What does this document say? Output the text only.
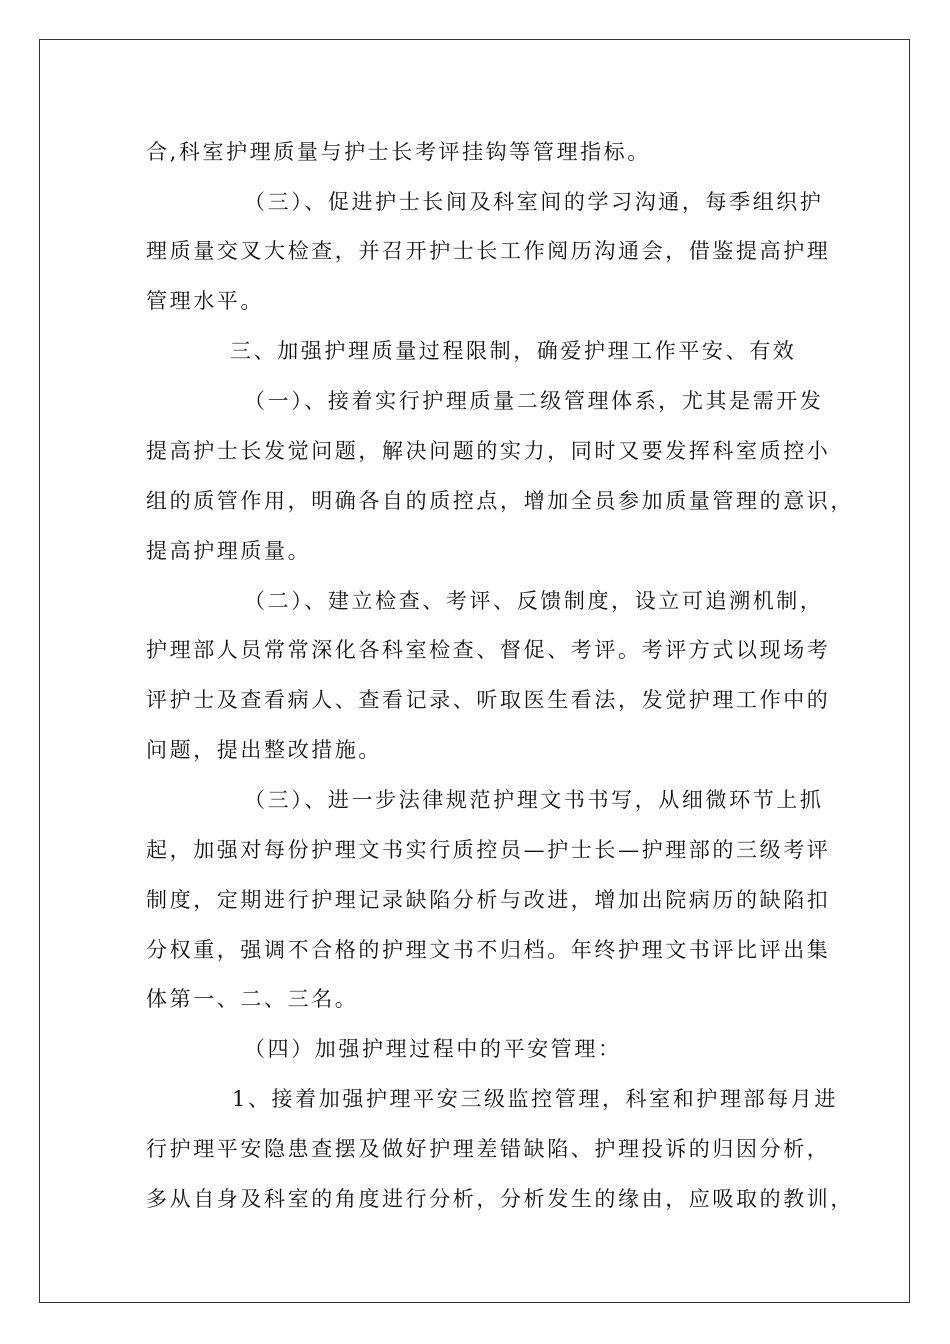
合,科室护理质量与护士长考评挂钩等管理指标。
（三）、促进护士长间及科室间的学习沟通，每季组织护
理质量交叉大检查，并召开护士长工作阅历沟通会，借鉴提高护理
管理水平。
三、加强护理质量过程限制，确爱护理工作平安、有效
（一）、接着实行护理质量二级管理体系，尤其是需开发
提高护士长发觉问题，解决问题的实力，同时又要发挥科室质控小
组的质管作用，明确各自的质控点，增加全员参加质量管理的意识，
提高护理质量。
（二）、建立检查、考评、反馈制度，设立可追溯机制，
护理部人员常常深化各科室检查、督促、考评。考评方式以现场考
评护士及查看病人、查看记录、听取医生看法，发觉护理工作中的
问题，提出整改措施。
（三）、进一步法律规范护理文书书写，从细微环节上抓
起，加强对每份护理文书实行质控员—护士长—护理部的三级考评
制度，定期进行护理记录缺陷分析与改进，增加出院病历的缺陷扣
分权重，强调不合格的护理文书不归档。年终护理文书评比评出集
体第一、二、三名。
（四）加强护理过程中的平安管理：
1、接着加强护理平安三级监控管理，科室和护理部每月进
行护理平安隐患查摆及做好护理差错缺陷、护理投诉的归因分析，
多从自身及科室的角度进行分析，分析发生的缘由，应吸取的教训，
